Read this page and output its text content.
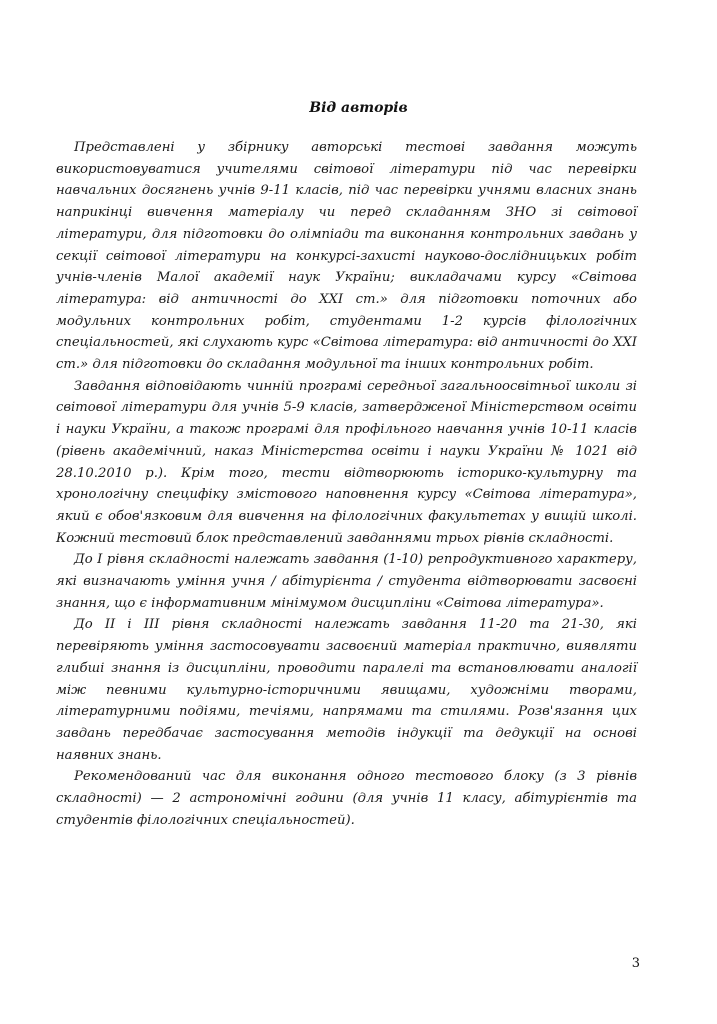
Від авторів

Представлені у збірнику авторські тестові завдання можуть використовуватися учителями світової літератури під час перевірки навчальних досягнень учнів 9-11 класів, під час перевірки учнями власних знань наприкінці вивчення матеріалу чи перед складанням ЗНО зі світової літератури, для підготовки до олімпіади та виконання контрольних завдань у секції світової літератури на конкурсі-захисті науково-дослідницьких робіт учнів-членів Малої академії наук України; викладачами курсу «Світова література: від античності до XXI ст.» для підготовки поточних або модульних контрольних робіт, студентами 1-2 курсів філологічних спеціальностей, які слухають курс «Світова література: від античності до XXI ст.» для підготовки до складання модульної та інших контрольних робіт.

Завдання відповідають чинній програмі середньої загальноосвітньої школи зі світової літератури для учнів 5-9 класів, затвердженої Міністерством освіти і науки України, а також програмі для профільного навчання учнів 10-11 класів (рівень академічний, наказ Міністерства освіти і науки України № 1021 від 28.10.2010 р.). Крім того, тести відтворюють історико-культурну та хронологічну специфіку змістового наповнення курсу «Світова література», який є обов'язковим для вивчення на філологічних факультетах у вищій школі. Кожний тестовий блок представлений завданнями трьох рівнів складності.

До I рівня складності належать завдання (1-10) репродуктивного характеру, які визначають уміння учня / абітурієнта / студента відтворювати засвоєні знання, що є інформативним мінімумом дисципліни «Світова література».

До II і III рівня складності належать завдання 11-20 та 21-30, які перевіряють уміння застосовувати засвоєний матеріал практично, виявляти глибші знання із дисципліни, проводити паралелі та встановлювати аналогії між певними культурно-історичними явищами, художніми творами, літературними подіями, течіями, напрямами та стилями. Розв'язання цих завдань передбачає застосування методів індукції та дедукції на основі наявних знань.

Рекомендований час для виконання одного тестового блоку (з 3 рівнів складності) — 2 астрономічні години (для учнів 11 класу, абітурієнтів та студентів філологічних спеціальностей).

3
